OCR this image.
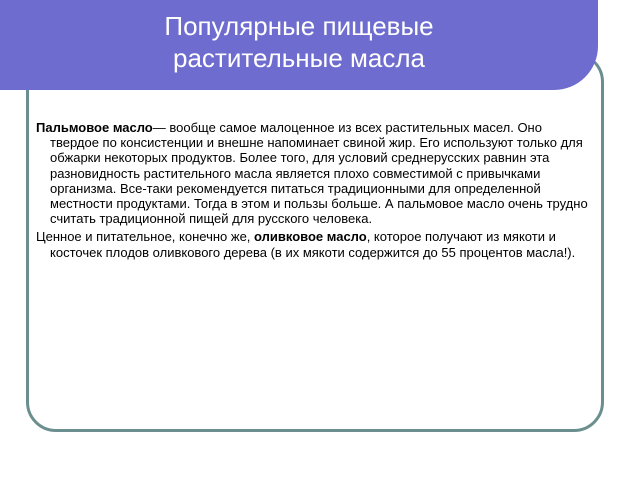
Популярные пищевые
растительные масла

Пальмовое масло— вообще самое малоценное из всех растительных масел. Оно твердое по консистенции и внешне напоминает свиной жир. Его используют только для обжарки некоторых продуктов. Более того, для условий среднерусских равнин эта разновидность растительного масла является плохо совместимой с привычками организма. Все-таки рекомендуется питаться традиционными для определенной местности продуктами. Тогда в этом и пользы больше. А пальмовое масло очень трудно считать традиционной пищей для русского человека.

Ценное и питательное, конечно же, оливковое масло, которое получают из мякоти и косточек плодов оливкового дерева (в их мякоти содержится до 55 процентов масла!).
